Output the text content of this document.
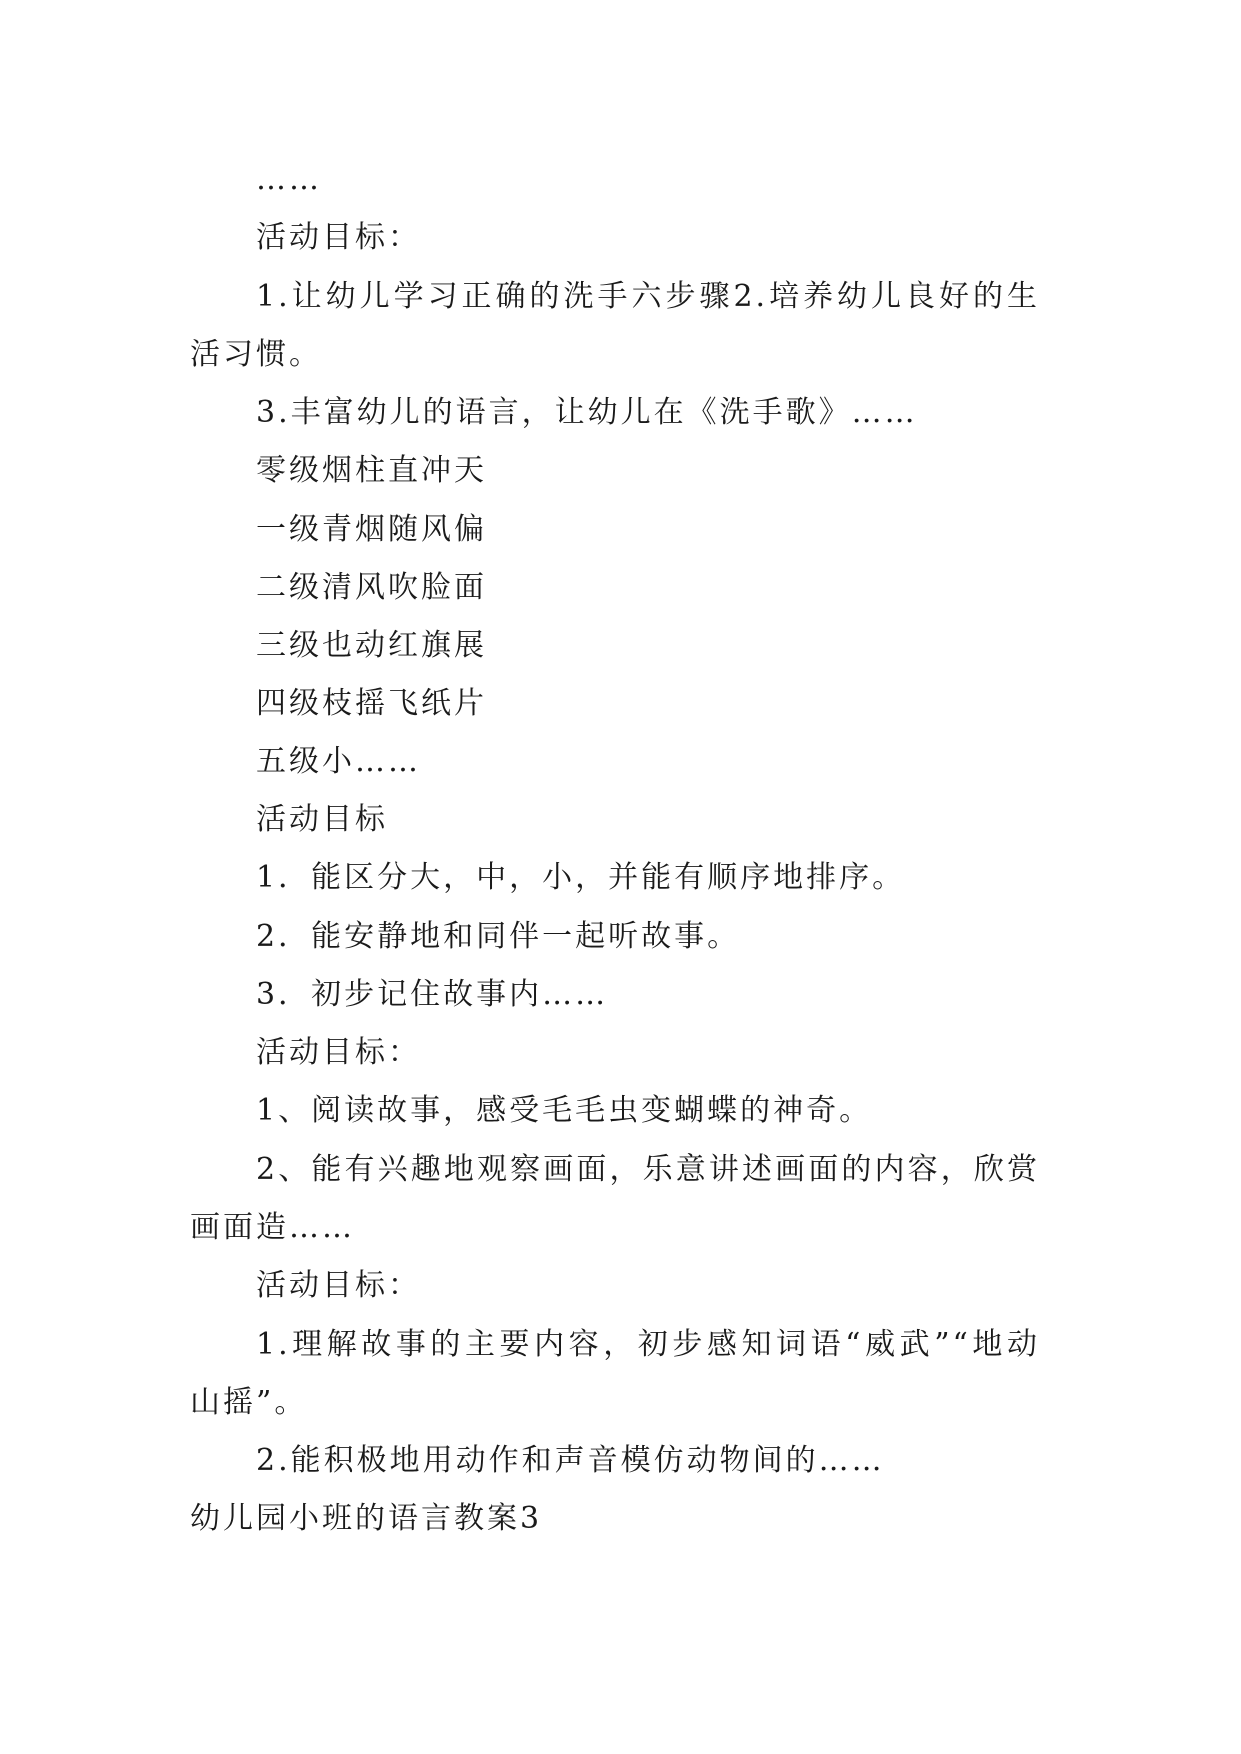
……
活动目标：
1.让幼儿学习正确的洗手六步骤2.培养幼儿良好的生
活习惯。
3.丰富幼儿的语言，让幼儿在《洗手歌》……
零级烟柱直冲天
一级青烟随风偏
二级清风吹脸面
三级也动红旗展
四级枝摇飞纸片
五级小……
活动目标
1．能区分大，中，小，并能有顺序地排序。
2．能安静地和同伴一起听故事。
3．初步记住故事内……
活动目标：
1、阅读故事，感受毛毛虫变蝴蝶的神奇。
2、能有兴趣地观察画面，乐意讲述画面的内容，欣赏
画面造……
活动目标：
1.理解故事的主要内容，初步感知词语“威武”“地动
山摇”。
2.能积极地用动作和声音模仿动物间的……
幼儿园小班的语言教案3
